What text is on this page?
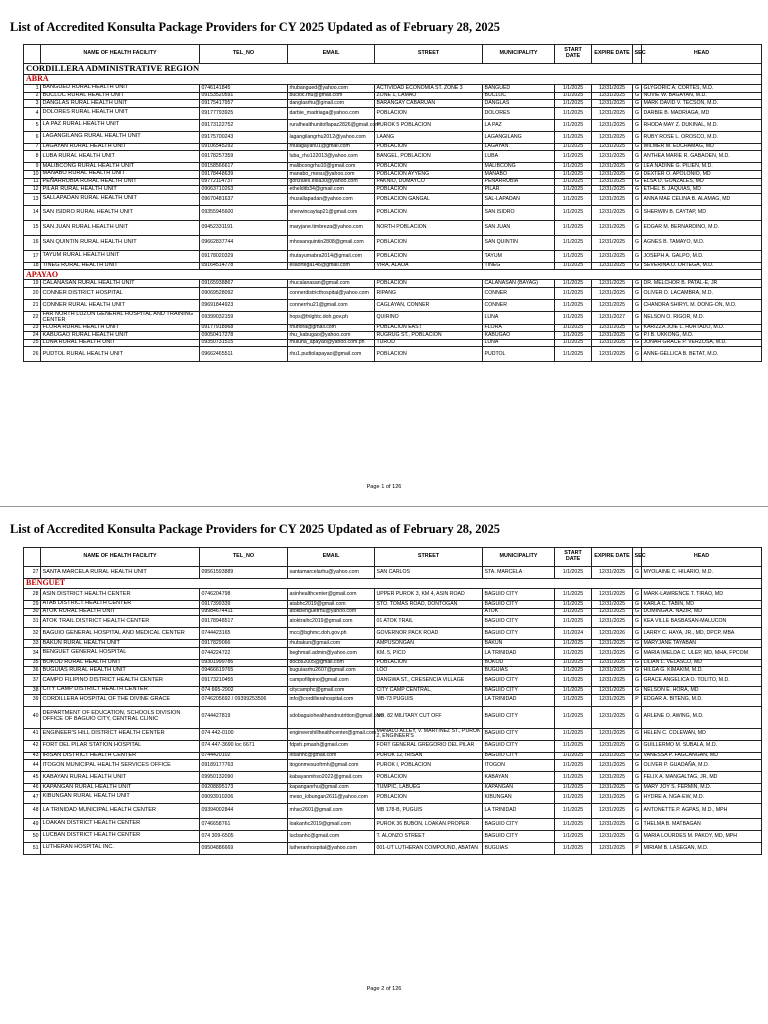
List of Accredited Konsulta Package Providers for CY 2025 Updated as of February 28, 2025
	NAME OF HEALTH FACILITY	TEL_NO	EMAIL	STREET	MUNICIPALITY	START DATE	EXPIRE DATE	SEC	HEAD
CORDILLERA ADMINISTRATIVE REGION									
ABRA									
1	BANGUED RURAL HEALTH UNIT	0746141845	rhubangued@yahoo.com	ACTIVIDAD ECONOMIA ST. ZONE 3	BANGUED	1/1/2025	12/31/2025	G	GLYGORIC A. CORTES, M.D.
2	BUCLOC RURAL HEALTH UNIT	09153520591	bucloc.rhu@gmail.com	ZONE 1, LAMAO	BUCLOC	1/1/2025	12/31/2025	G	NOVIE W. BAGAYAN, M.D.
3	DANGLAS RURAL HEALTH UNIT	09175417957	danglasrhu@gmail.com	BARANGAY CABARUAN	DANGLAS	1/1/2025	12/31/2025	G	MARK DAVID V. TECSON, M.D.
4	DOLORES RURAL HEALTH UNIT	09177793925	darbie_madriaga@yahoo.com	POBLACION	DOLORES	1/1/2025	12/31/2025	G	DARBIE B. MADRIAGA, MD
5	LA PAZ RURAL HEALTH UNIT	09173122752	ruralhealthunitoflapaz2826@gmail.com	PUROK 5 POBLACION	LA PAZ	1/1/2025	12/31/2025	G	RHODA MAY Z. DUKINAL, M.D.
6	LAGANGILANG RURAL HEALTH UNIT	09175700243	lagangilangrhu2012@yahoo.com	LAANG	LAGANGILANG	1/1/2025	12/31/2025	G	RUBY ROSE L. OROSCO, M.D.
7	LAGAYAN RURAL HEALTH UNIT	09106545292	rhulagayan01@gmail.com	POBLACION	LAGAYAN	1/1/2025	12/31/2025	G	WILMER M. EDCHAMAG, MD
8	LUBA RURAL HEALTH UNIT	09178257359	luba_rhu122013@yahoo.com	BANGEL, POBLACION	LUBA	1/1/2025	12/31/2025	G	ANTHEA MARIE R. GABAOEN, M.D.
9	MALIBCONG RURAL HEALTH UNIT	09158566617	malibcongrhu10@gmail.com	POBLACION	MALIBCONG	1/1/2025	12/31/2025	G	LEA NADINE G. PILIEN, M.D.
10	MANABO RURAL HEALTH UNIT	09178448639	manabo_mesu@yahoo.com	POBLACION AYYENG	MANABO	1/1/2025	12/31/2025	G	DEXTER O. APOLONIO, MD
11	PEÑARRUBIA RURAL HEALTH UNIT	09772114737	gonzales.elsa30@yahoo.com	PAKNIO, DUMAYCO	PENARRUBIA	1/1/2025	12/31/2025	G	ELSA D. GONZALES, MD
12	PILAR RURAL HEALTH UNIT	09063710263	ethelditb34@gmail.com	POBLACION	PILAR	1/1/2025	12/31/2025	G	ETHEL B. JAQUIAS, MD
13	SALLAPADAN RURAL HEALTH UNIT	09670481637	rhusallapadan@yahoo.com	POBLACION GANGAL	SAL-LAPADAN	1/1/2025	12/31/2025	G	ANNA MAE CELINA B. ALAMAG, MD
14	SAN ISIDRO RURAL HEALTH UNIT	09355945600	sherwincaytap21@gmail.com	POBLACION	SAN ISIDRO	1/1/2025	12/31/2025	G	SHERWIN B. CAYTAP, MD
15	SAN JUAN RURAL HEALTH UNIT	09452331191	maryjane.timbreza@yahoo.com	NORTH POBLACION	SAN JUAN	1/1/2025	12/31/2025	G	EDGAR M. BERNARDINO, M.D.
16	SAN QUINTIN RURAL HEALTH UNIT	09662837744	mhosanquintin2808@gmail.com	POBLACION	SAN QUINTIN	1/1/2025	12/31/2025	G	AGNES B. TAMAYO, M.D.
17	TAYUM RURAL HEALTH UNIT	09178020329	rhutayumabra2014@gmail.com	POBLACION	TAYUM	1/1/2025	12/31/2025	G	JOSEPH A. GALPO, M.D.
18	TINEG RURAL HEALTH UNIT	09164514778	ellaortega146@gmail.com	VIRA, ALAOA	TINEG	1/1/2025	12/31/2025	G	SEVERINA O. ORTEGA, M.D.
APAYAO									
19	CALANASAN RURAL HEALTH UNIT	09165938867	rhucalanasan@gmail.com	POBLACION	CALANASAN (BAYAG)	1/1/2025	12/31/2025	G	DR. MELCHOR B. PATAL-E, JR
20	CONNER DISTRICT HOSPITAL	09069528092	connerdistricthospital@yahoo.com	RIPANG	CONNER	1/1/2025	12/31/2025	G	OLIVER D. LACAMBRA, M.D.
21	CONNER RURAL HEALTH UNIT	09691844923	connerrhu21@gmail.com	CAGLAYAN, CONNER	CONNER	1/1/2025	12/31/2025	G	CHANDRA SHIRYL M. DONG-ON, M.D.
22	FAR NORTH LUZON GENERAL HOSPITAL AND TRAINING CENTER	09399032159	hops@fnlghtc.doh.gov.ph	QUIRINO	LUNA	1/1/2025	12/31/2027	G	NELSON O. RIGOR, M.D.
23	FLORA RURAL HEALTH UNIT	09177918968	rhuflora@gmail.com	POBLACION EAST	FLORA	1/1/2025	12/31/2025	G	KARIZZA JOIE L. HURTADO, M.D.
24	KABUGAO RURAL HEALTH UNIT	09050417278	rhu_kabugao@yahoo.com	RUGRUG ST., POBLACION	KABUGAO	1/1/2025	12/31/2025	G	P.I B. UKKONG, M.D.
25	LUNA RURAL HEALTH UNIT	09350731515	rhuluna_apayao@yahoo.com.ph	TUROD	LUNA	1/1/2025	12/31/2025	G	JONAH GRACE P. VERZOSA, M.D.
26	PUDTOL RURAL HEALTH UNIT	09662465511	rhu1.pudtolapayao@gmail.com	POBLACION	PUDTOL	1/1/2025	12/31/2025	G	ANNE-GELLICA B. BETAT, M.D.
Page 1 of 126
List of Accredited Konsulta Package Providers for CY 2025 Updated as of February 28, 2025
	NAME OF HEALTH FACILITY	TEL_NO	EMAIL	STREET	MUNICIPALITY	START DATE	EXPIRE DATE	SEC	HEAD
27	SANTA MARCELA RURAL HEALTH UNIT	09561593889	santamarcelarhu@yahoo.com	SAN CARLOS	STA. MARCELA	1/1/2025	12/31/2025	G	MYOLAINE C. HILARIO, M.D.
BENGUET									
28	ASIN DISTRICT HEALTH CENTER	0746204798	asinhealthcenter@gmail.com	UPPER PUROK 3, KM 4, ASIN ROAD	BAGUIO CITY	1/1/2025	12/31/2025	G	MARK-LAWRENCE T. TIRAO, MD
29	ATAB DISTRICT HEALTH CENTER	0917399339	atabhc2019@gmail.com	STO. TOMAS ROAD, DONTOGAN	BAGUIO CITY	1/1/2025	12/31/2025	G	KARLA C. TABIN, MD
30	ATOK RURAL HEALTH UNIT	09984674411	atokbenguetrhu@yahoo.com		ATOK	1/1/2025	12/31/2025	G	DOMINGA A. NAZIR, MD
31	ATOK TRAIL DISTRICT HEALTH CENTER	09178948517	atoktraihc2019@gmail.com	01 ATOK TRAIL	BAGUIO CITY	1/1/2025	12/31/2025	G	KEA VILLE BASBASAN-MALUCON
32	BAGUIO GENERAL HOSPITAL AND MEDICAL CENTER	0744423165	mcc@bghmc.doh.gov.ph	GOVERNOR PACK ROAD	BAGUIO CITY	1/1/2024	12/31/2026	G	LARRY C. HAYA, JR., MD, DPCP, MBA
33	BAKUN RURAL HEALTH UNIT	0917829066	rhubakun@gmail.com	AMPUSONGAN	BAKUN	1/1/2025	12/31/2025	G	MARYJANE TAYABAN
34	BENGUET GENERAL HOSPITAL	0744224722	beghmail.admin@yahoo.com	KM. 5, PICO	LA TRINIDAD	1/1/2025	12/31/2025	G	MARIA IMELDA C. ULEP, MD, MHA, FPCOM
35	BOKOD RURAL HEALTH UNIT	09301999786	docbs2005@gmail.com	POBLACION	BOKOD	1/1/2025	12/31/2025	G	LILIAN L. VELASCO, MD
36	BUGUIAS RURAL HEALTH UNIT	09466619765	buguiasrhu2607@gmail.com	LOO	BUGUIAS	1/1/2025	12/31/2025	G	HILGA G. KIMAKIM, M.D.
37	CAMPO FILIPINO DISTRICT HEALTH CENTER	09173210455	campofilipino@gmail.com	DANGWA ST., CRESENCIA VILLAGE	BAGUIO CITY	1/1/2025	12/31/2025	G	GRACE ANGELICA O. TOLITO, M.D.
38	CITY CAMP DISTRICT HEALTH CENTER	074 665-2902	citycamphc@gmail.com	CITY CAMP CENTRAL,	BAGUIO CITY	1/1/2025	12/31/2025	G	NELSON E. HORA, MD
39	CORDILLERA HOSPITAL OF THE DIVINE GRACE	0746205692 / 09399253506	info@cordillerahospital.com	MB-73 PUGUIS	LA TRINIDAD	1/1/2025	12/31/2025	P	EDGAR A. BITENG, M.D.
40	DEPARTMENT OF EDUCATION, SCHOOLS DIVISION OFFICE OF BAGUIO CITY, CENTRAL CLINIC	0744427819	sdobaguiohealthandnutrition@gmail.com	NO. 82 MILITARY CUT OFF	BAGUIO CITY	1/1/2025	12/31/2025	G	ARLENE O. AWING, M.D.
41	ENGINEER'S HILL DISTRICT HEALTH CENTER	074 442-0100	engineershillhealthcenter@gmail.com	MANALO ALLEY, V. MARTINEZ ST., PUROK 2, ENGINEER'S	BAGUIO CITY	1/1/2025	12/31/2025	G	HELEN C. COLEWAN, MD
42	FORT DEL PILAR STATION HOSPITAL	074 447-3690 loc 6671	fdpsh.pmash@gmail.com	FORT GENERAL GREGORIO DEL PILAR	BAGUIO CITY	1/1/2025	12/31/2025	G	GUILLERMO M. SUBALA, M.D.
43	IRISAN DISTRICT HEALTH CENTER	0744420102	irisanhc@gmail.com	PUROK 12, IRISAN	BAGUIO CITY	1/1/2025	12/31/2025	G	VANESSA P. FAGCANGAN, MD
44	ITOGON MUNICIPAL HEALTH SERVICES OFFICE	09189177763	itogonmesuofrmh@gmail.com	PUROK I, POBLACION	ITOGON	1/1/2025	12/31/2025	G	OLIVER P. GUADAÑA, M.D.
45	KABAYAN RURAL HEALTH UNIT	09950132090	kabayanmhso2022@gmail.com	POBLACION	KABAYAN	1/1/2025	12/31/2025	G	FELIX A. MANGALTAG, JR, MD
46	KAPANGAN RURAL HEALTH UNIT	09208895173	kapanganrhu@gmail.com	TUMPIC, LABUEG	KAPANGAN	1/1/2025	12/31/2025	G	MARY JOY S. FERMIN, M.D.
47	KIBUNGAN RURAL HEALTH UNIT	09093910206	meso_kibungan2611@yahoo.com	POBLACION	KIBUNGAN	1/1/2025	12/31/2025	G	HYDRE A. NGA-EW, M.D.
48	LA TRINIDAD MUNICIPAL HEALTH CENTER	09394002844	mhso2601@gmail.com	MB 178-B, PUGUIS	LA TRINIDAD	1/1/2025	12/31/2025	G	ANTONETTE P. AGPAS, M.D., MPH
49	LOAKAN DISTRICT HEALTH CENTER	0746658761	loakanhc2019@gmail.com	PUROK 36 BUBON, LOAKAN PROPER	BAGUIO CITY	1/1/2025	12/31/2025	G	THELMA B. MATBAGAN
50	LUCBAN DISTRICT HEALTH CENTER	074 309-6505	lucbanhc@gmail.com	T. ALONZO STREET	BAGUIO CITY	1/1/2025	12/31/2025	G	MARIA LOURDES M. PAKOY, MD, MPH
51	LUTHERAN HOSPITAL INC.	09504886669	lutheranhospital@yahoo.com	001-UT LUTHERAN COMPOUND, ABATAN	BUGUIAS	1/1/2025	12/31/2025	P	MIRIAM B. LASEGAN, M.D.
Page 2 of 126
